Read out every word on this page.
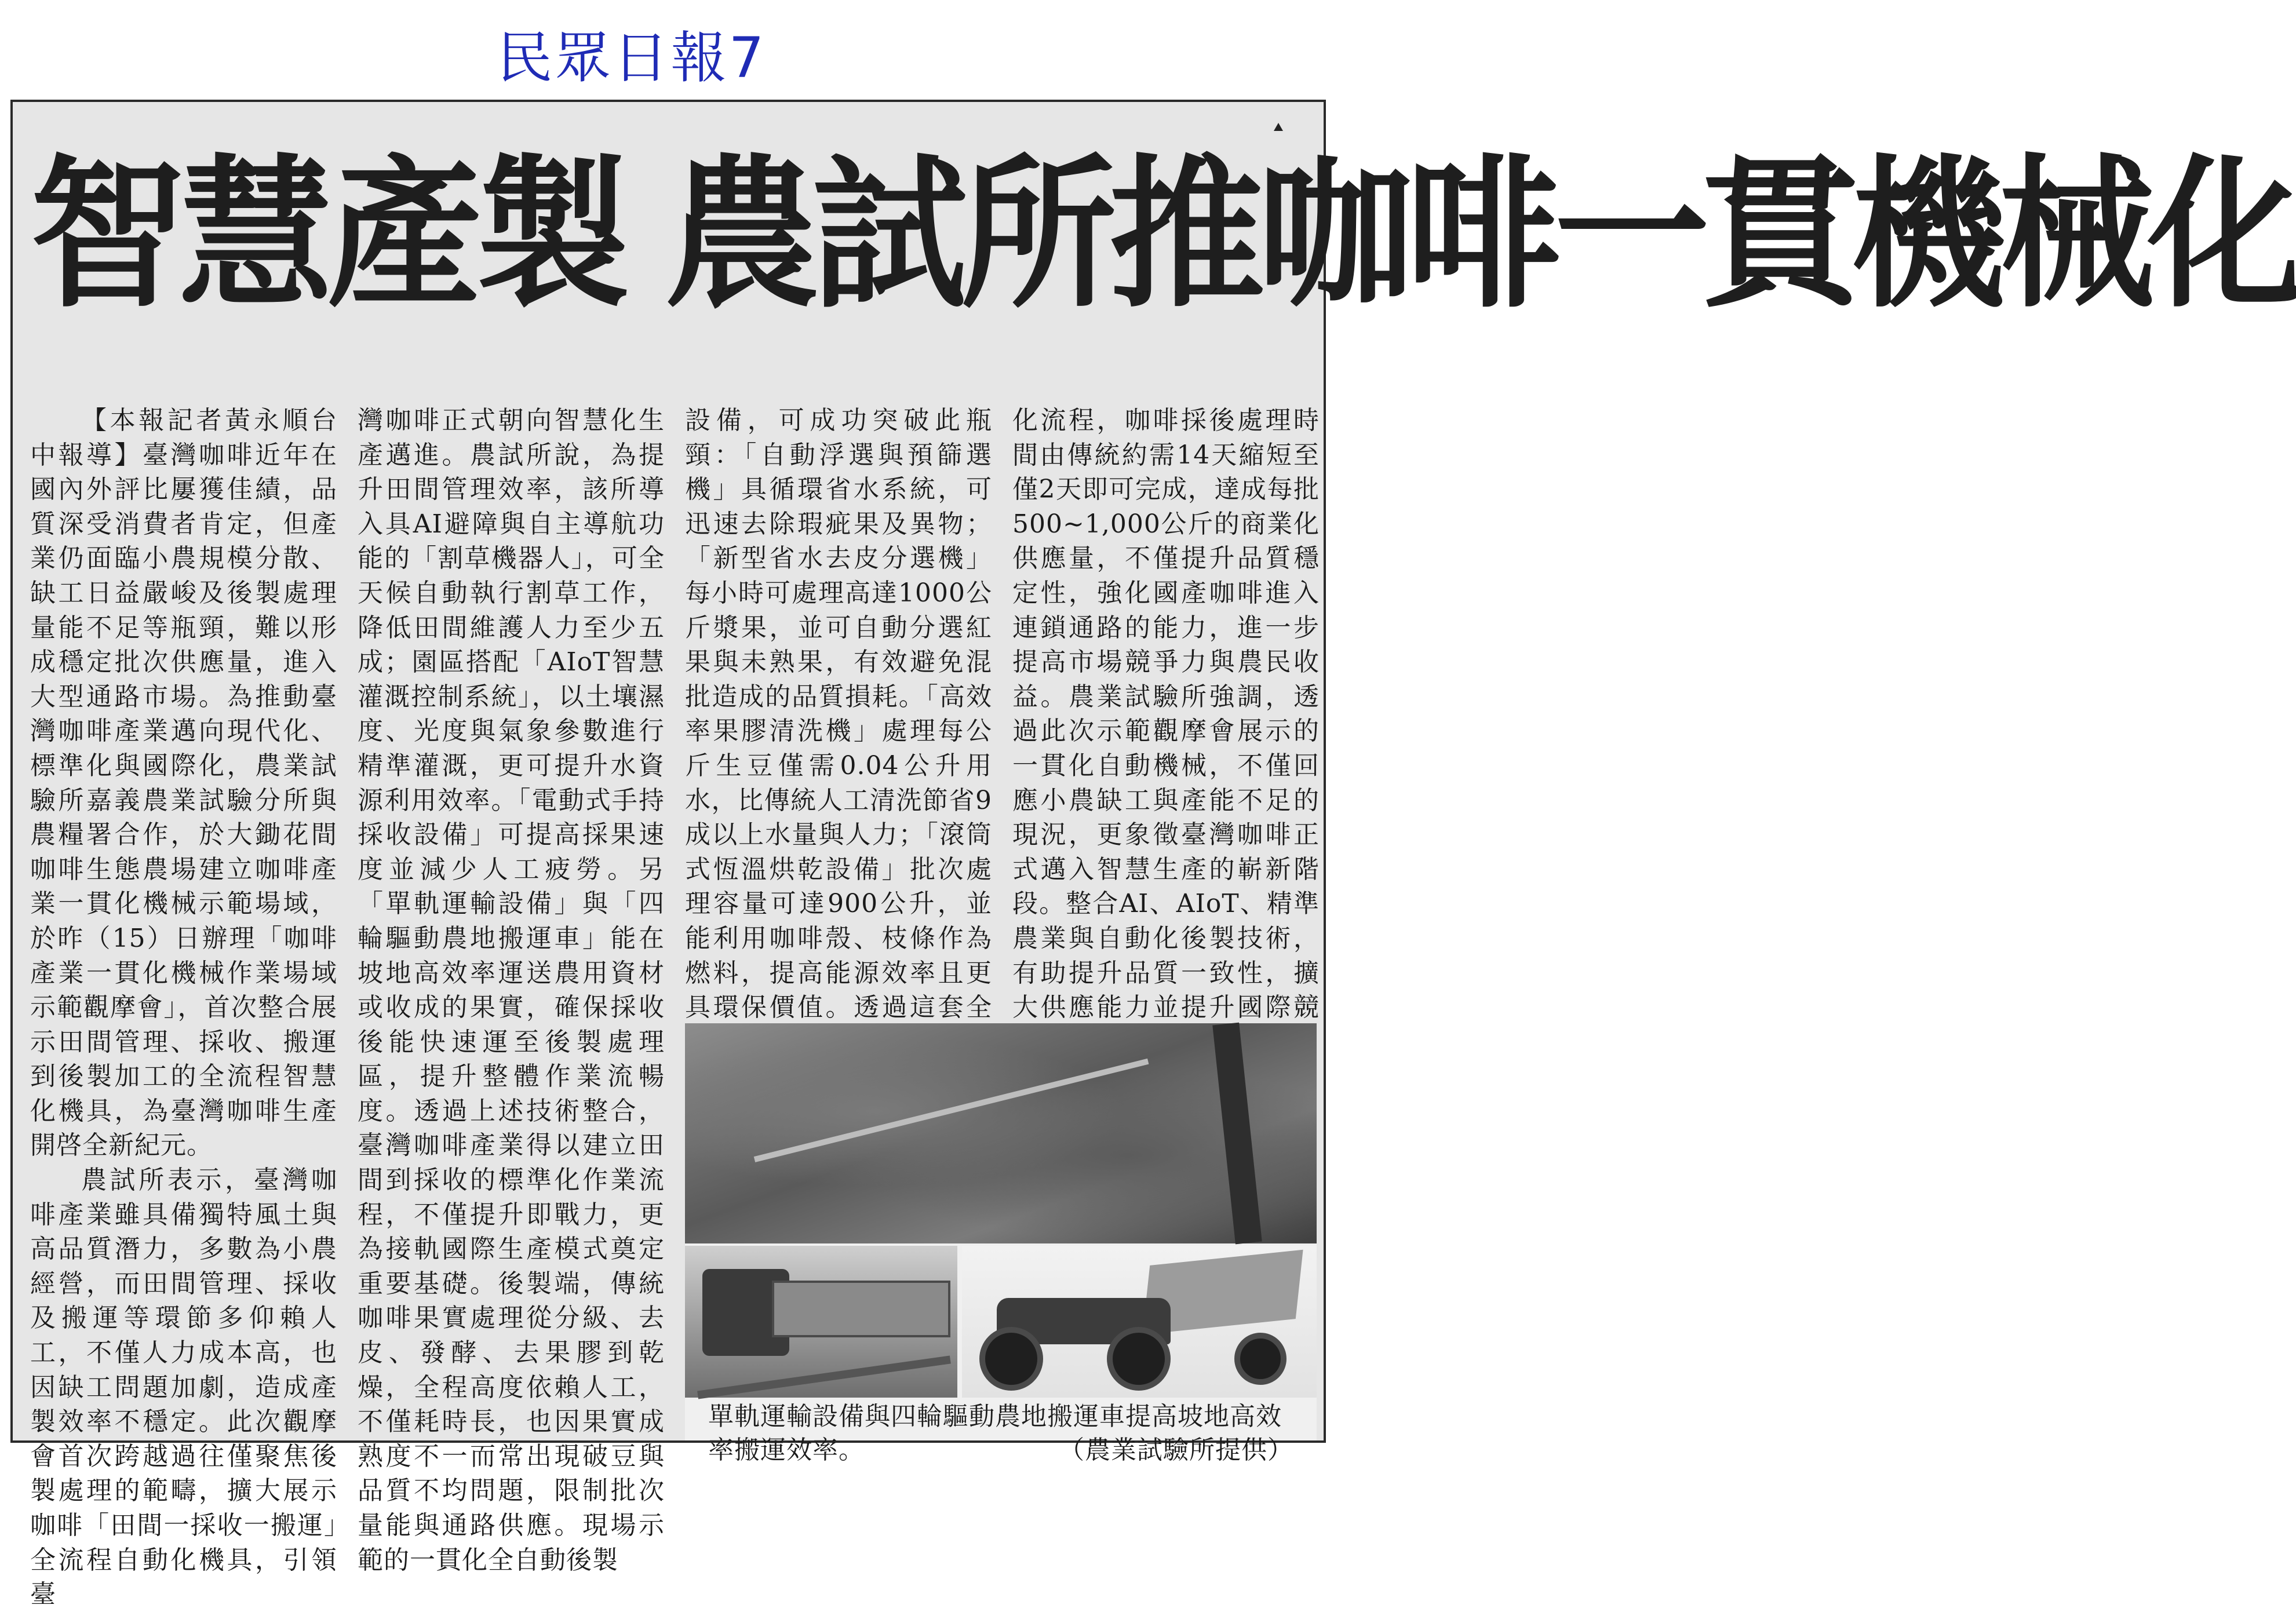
民眾日報7
智慧產製 農試所推咖啡一貫機械化

【本報記者黃永順台中報導】臺灣咖啡近年在國內外評比屢獲佳績，品質深受消費者肯定，但產業仍面臨小農規模分散、缺工日益嚴峻及後製處理量能不足等瓶頸，難以形成穩定批次供應量，進入大型通路市場。為推動臺灣咖啡產業邁向現代化、標準化與國際化，農業試驗所嘉義農業試驗分所與農糧署合作，於大鋤花間咖啡生態農場建立咖啡產業一貫化機械示範場域，於昨（15）日辦理「咖啡產業一貫化機械作業場域示範觀摩會」，首次整合展示田間管理、採收、搬運到後製加工的全流程智慧化機具，為臺灣咖啡生產開啓全新紀元。

農試所表示，臺灣咖啡產業雖具備獨特風土與高品質潛力，多數為小農經營，而田間管理、採收及搬運等環節多仰賴人工，不僅人力成本高，也因缺工問題加劇，造成產製效率不穩定。此次觀摩會首次跨越過往僅聚焦後製處理的範疇，擴大展示咖啡「田間一採收一搬運」全流程自動化機具，引領臺

灣咖啡正式朝向智慧化生產邁進。農試所說，為提升田間管理效率，該所導入具AI避障與自主導航功能的「割草機器人」，可全天候自動執行割草工作，降低田間維護人力至少五成；園區搭配「AIoT智慧灌溉控制系統」，以土壤濕度、光度與氣象參數進行精準灌溉，更可提升水資源利用效率。「電動式手持採收設備」可提高採果速度並減少人工疲勞。另「單軌運輸設備」與「四輪驅動農地搬運車」能在坡地高效率運送農用資材或收成的果實，確保採收後能快速運至後製處理區，提升整體作業流暢度。透過上述技術整合，臺灣咖啡產業得以建立田間到採收的標準化作業流程，不僅提升即戰力，更為接軌國際生產模式奠定重要基礎。後製端，傳統咖啡果實處理從分級、去皮、發酵、去果膠到乾燥，全程高度依賴人工，不僅耗時長，也因果實成熟度不一而常出現破豆與品質不均問題，限制批次量能與通路供應。現場示範的一貫化全自動後製

設備，可成功突破此瓶頸：「自動浮選與預篩選機」具循環省水系統，可迅速去除瑕疵果及異物；「新型省水去皮分選機」每小時可處理高達1000公斤漿果，並可自動分選紅果與未熟果，有效避免混批造成的品質損耗。「高效率果膠清洗機」處理每公斤生豆僅需0.04公升用水，比傳統人工清洗節省9成以上水量與人力；「滾筒式恆溫烘乾設備」批次處理容量可達900公升，並能利用咖啡殼、枝條作為燃料，提高能源效率且更具環保價值。透過這套全

化流程，咖啡採後處理時間由傳統約需14天縮短至僅2天即可完成，達成每批500~1,000公斤的商業化供應量，不僅提升品質穩定性，強化國產咖啡進入連鎖通路的能力，進一步提高市場競爭力與農民收益。農業試驗所強調，透過此次示範觀摩會展示的一貫化自動機械，不僅回應小農缺工與產能不足的現況，更象徵臺灣咖啡正式邁入智慧生產的嶄新階段。整合AI、AIoT、精準農業與自動化後製技術，有助提升品質一致性，擴大供應能力並提升國際競

單軌運輸設備與四輪驅動農地搬運車提高坡地高效率搬運效率。	（農業試驗所提供）
